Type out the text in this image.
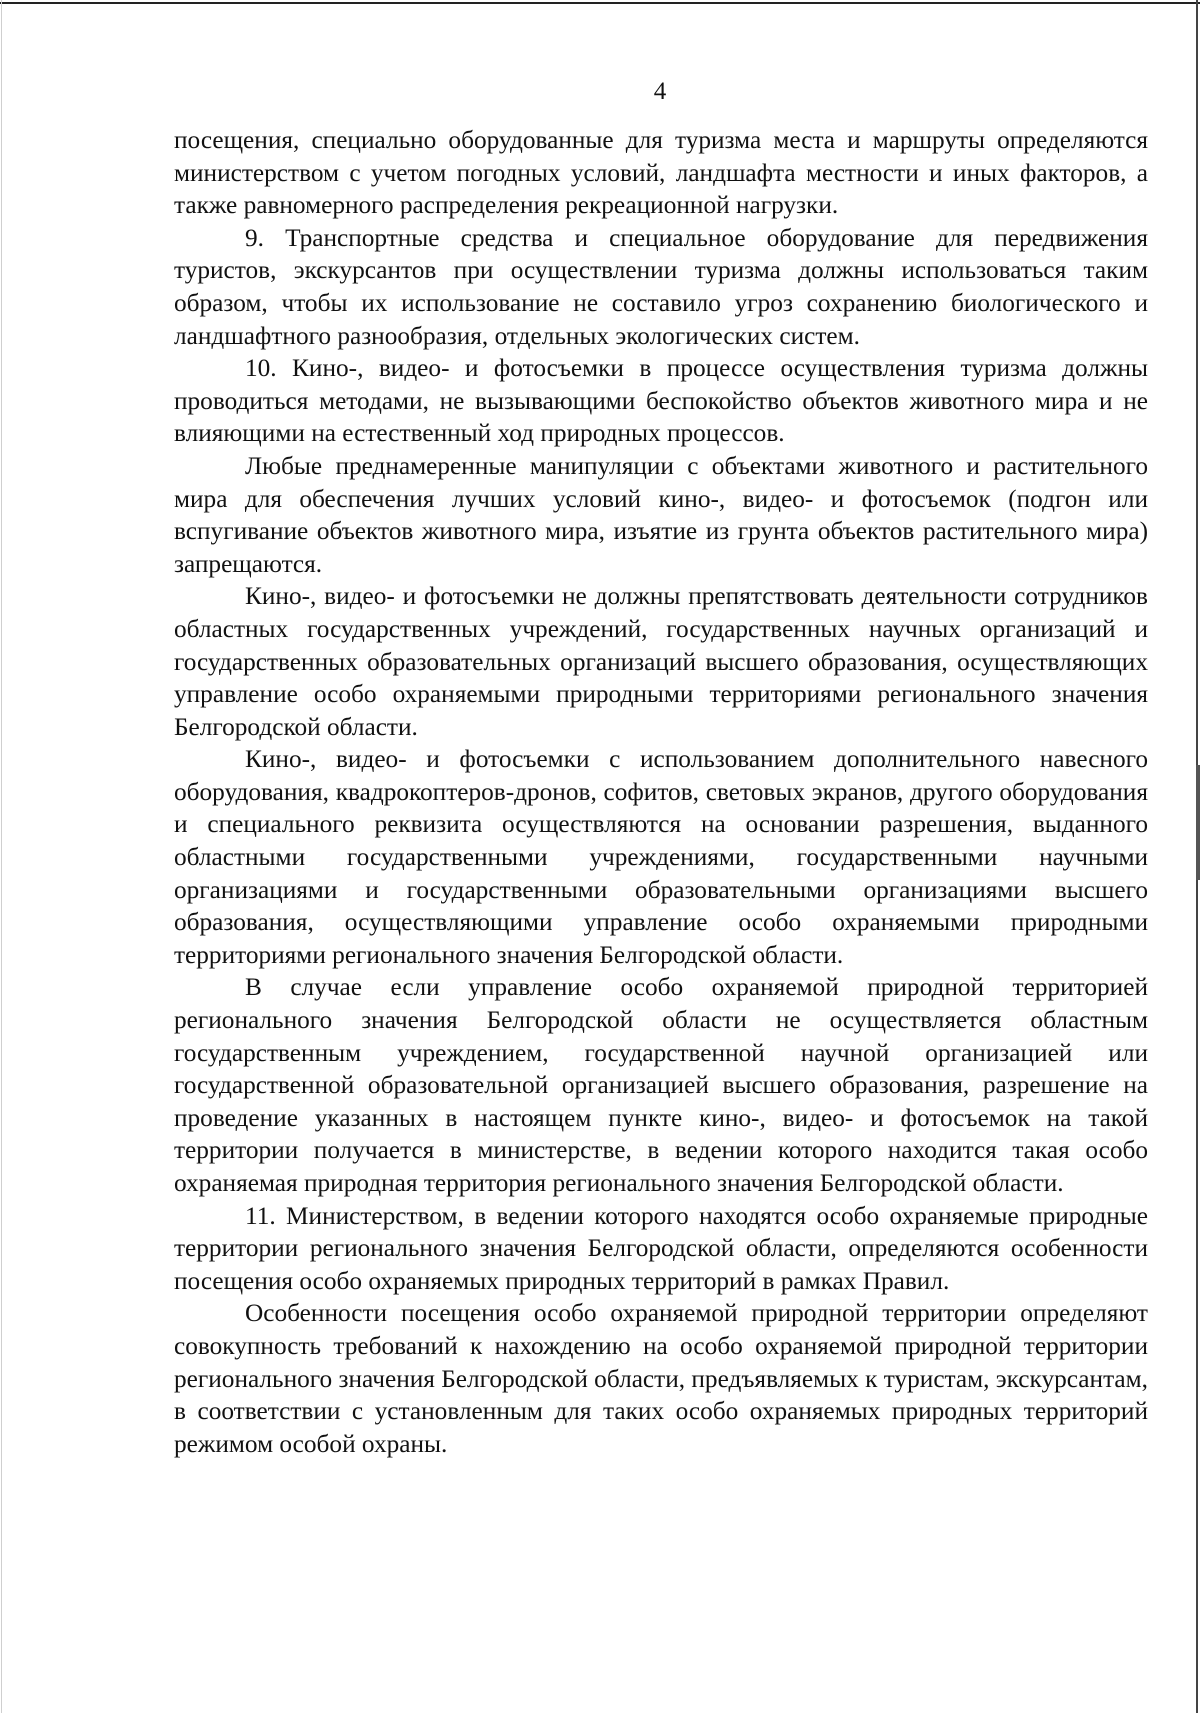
4

посещения, специально оборудованные для туризма места и маршруты определяются министерством с учетом погодных условий, ландшафта местности и иных факторов, а также равномерного распределения рекреационной нагрузки.

9. Транспортные средства и специальное оборудование для передвижения туристов, экскурсантов при осуществлении туризма должны использоваться таким образом, чтобы их использование не составило угроз сохранению биологического и ландшафтного разнообразия, отдельных экологических систем.

10. Кино-, видео- и фотосъемки в процессе осуществления туризма должны проводиться методами, не вызывающими беспокойство объектов животного мира и не влияющими на естественный ход природных процессов.

Любые преднамеренные манипуляции с объектами животного и растительного мира для обеспечения лучших условий кино-, видео- и фотосъемок (подгон или вспугивание объектов животного мира, изъятие из грунта объектов растительного мира) запрещаются.

Кино-, видео- и фотосъемки не должны препятствовать деятельности сотрудников областных государственных учреждений, государственных научных организаций и государственных образовательных организаций высшего образования, осуществляющих управление особо охраняемыми природными территориями регионального значения Белгородской области.

Кино-, видео- и фотосъемки с использованием дополнительного навесного оборудования, квадрокоптеров-дронов, софитов, световых экранов, другого оборудования и специального реквизита осуществляются на основании разрешения, выданного областными государственными учреждениями, государственными научными организациями и государственными образовательными организациями высшего образования, осуществляющими управление особо охраняемыми природными территориями регионального значения Белгородской области.

В случае если управление особо охраняемой природной территорией регионального значения Белгородской области не осуществляется областным государственным учреждением, государственной научной организацией или государственной образовательной организацией высшего образования, разрешение на проведение указанных в настоящем пункте кино-, видео- и фотосъемок на такой территории получается в министерстве, в ведении которого находится такая особо охраняемая природная территория регионального значения Белгородской области.

11. Министерством, в ведении которого находятся особо охраняемые природные территории регионального значения Белгородской области, определяются особенности посещения особо охраняемых природных территорий в рамках Правил.

Особенности посещения особо охраняемой природной территории определяют совокупность требований к нахождению на особо охраняемой природной территории регионального значения Белгородской области, предъявляемых к туристам, экскурсантам, в соответствии с установленным для таких особо охраняемых природных территорий режимом особой охраны.
